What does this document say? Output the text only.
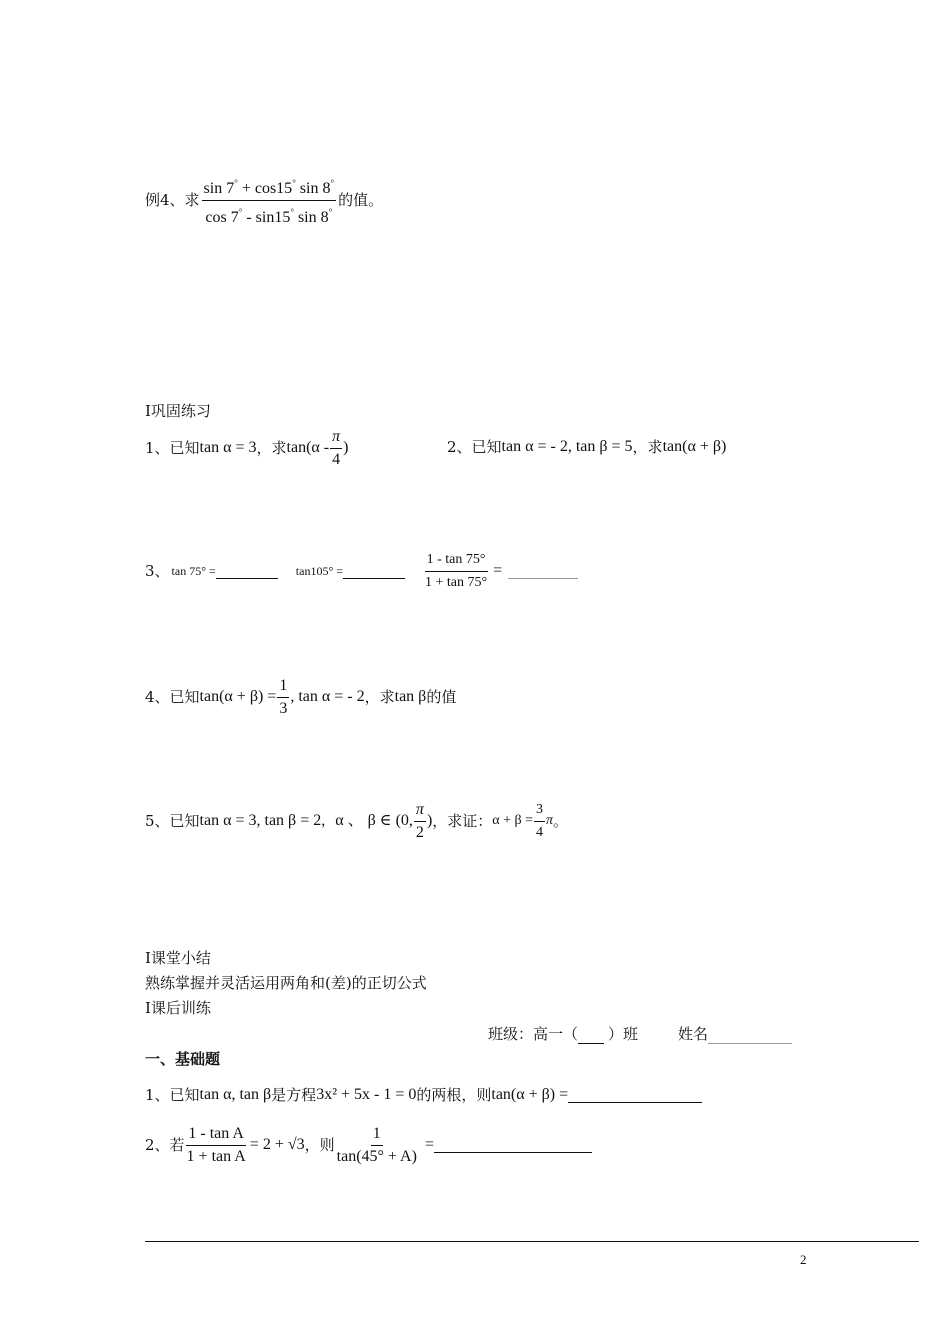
例4、求 $\frac{\sin 7^\circ + \cos 15^\circ \sin 8^\circ}{\cos 7^\circ - \sin 15^\circ \sin 8^\circ}$ 的值。
I巩固练习
1、已知 tan α = 3 ，求 $\tan(\alpha - \frac{\pi}{4}$ )	2、已知 tan α = - 2, tan β = 5 ，求 tan(α + β)
3、 tan 75° =	tan105° =	$\frac{1 - \tan 75^\circ}{1 + \tan 75^\circ}$ =
4、已知 $\tan(\alpha + \beta) = \frac{1}{3}$ , tan α = - 2 ，求 tan β 的值
5、已知 tan α = 3, tan β = 2, α 、 β ∈ (0, $\frac{\pi}{2}$ ) ，求证： $\alpha + \beta = \frac{3}{4}$ π 。
I课堂小结
熟练掌握并灵活运用两角和(差)的正切公式
I课后训练
班级：高一（ ）班	姓名
一、基础题
1、已知 tan α, tan β 是方程 3x² + 5x - 1 = 0 的两根，则 tan(α + β) =
2、若 $\frac{\text{1 - tan A}}{\text{1 + tan A}} = 2 + √3$ ，则 $\frac{1}{\tan(45^\circ + A)}$ =
2
